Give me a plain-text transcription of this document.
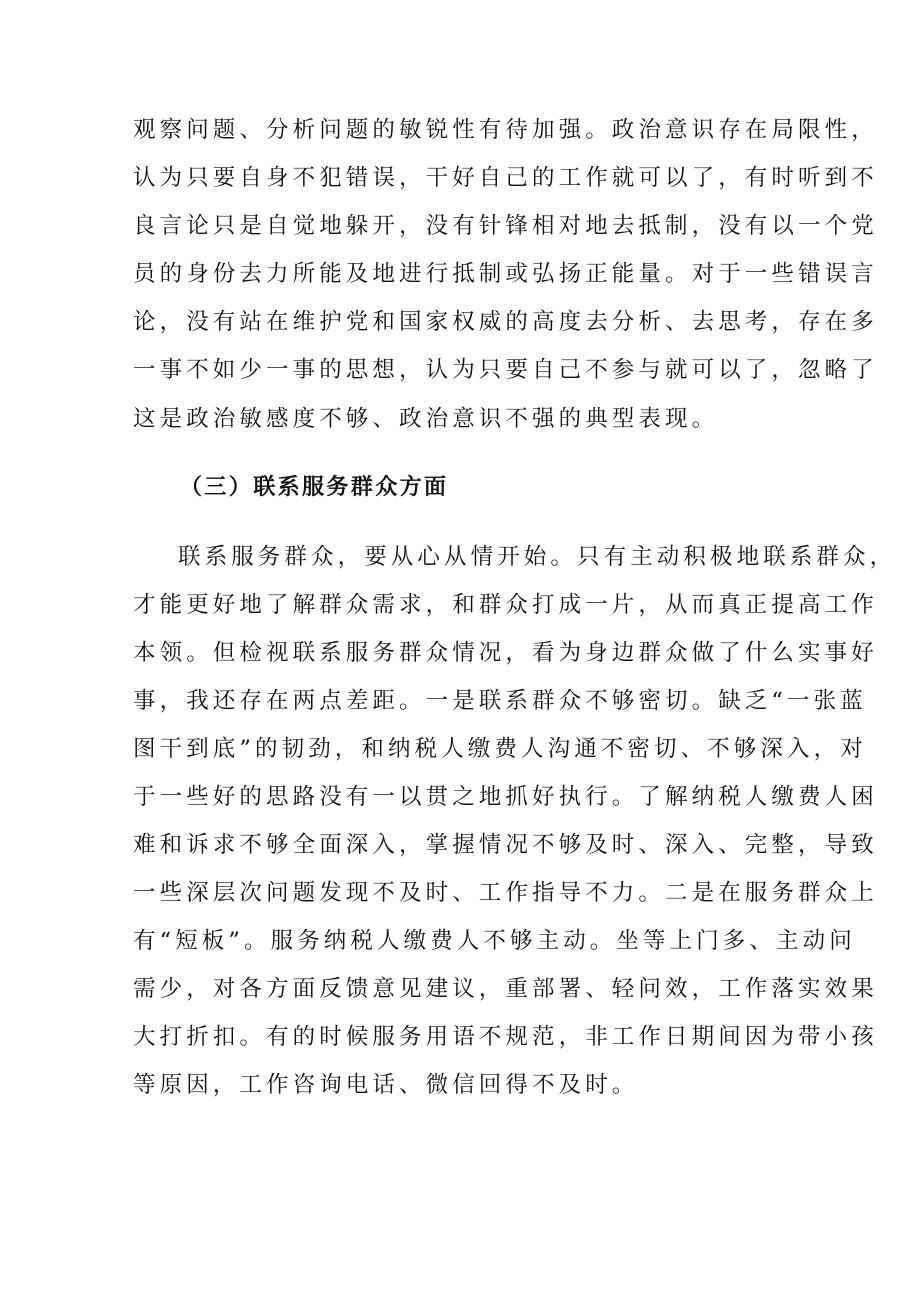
观察问题、分析问题的敏锐性有待加强。政治意识存在局限性，
认为只要自身不犯错误，干好自己的工作就可以了，有时听到不
良言论只是自觉地躲开，没有针锋相对地去抵制，没有以一个党
员的身份去力所能及地进行抵制或弘扬正能量。对于一些错误言
论，没有站在维护党和国家权威的高度去分析、去思考，存在多
一事不如少一事的思想，认为只要自己不参与就可以了，忽略了
这是政治敏感度不够、政治意识不强的典型表现。
（三）联系服务群众方面
联系服务群众，要从心从情开始。只有主动积极地联系群众，
才能更好地了解群众需求，和群众打成一片，从而真正提高工作
本领。但检视联系服务群众情况，看为身边群众做了什么实事好
事，我还存在两点差距。一是联系群众不够密切。缺乏“一张蓝
图干到底”的韧劲，和纳税人缴费人沟通不密切、不够深入，对
于一些好的思路没有一以贯之地抓好执行。了解纳税人缴费人困
难和诉求不够全面深入，掌握情况不够及时、深入、完整，导致
一些深层次问题发现不及时、工作指导不力。二是在服务群众上
有“短板”。服务纳税人缴费人不够主动。坐等上门多、主动问
需少，对各方面反馈意见建议，重部署、轻问效，工作落实效果
大打折扣。有的时候服务用语不规范，非工作日期间因为带小孩
等原因，工作咨询电话、微信回得不及时。
